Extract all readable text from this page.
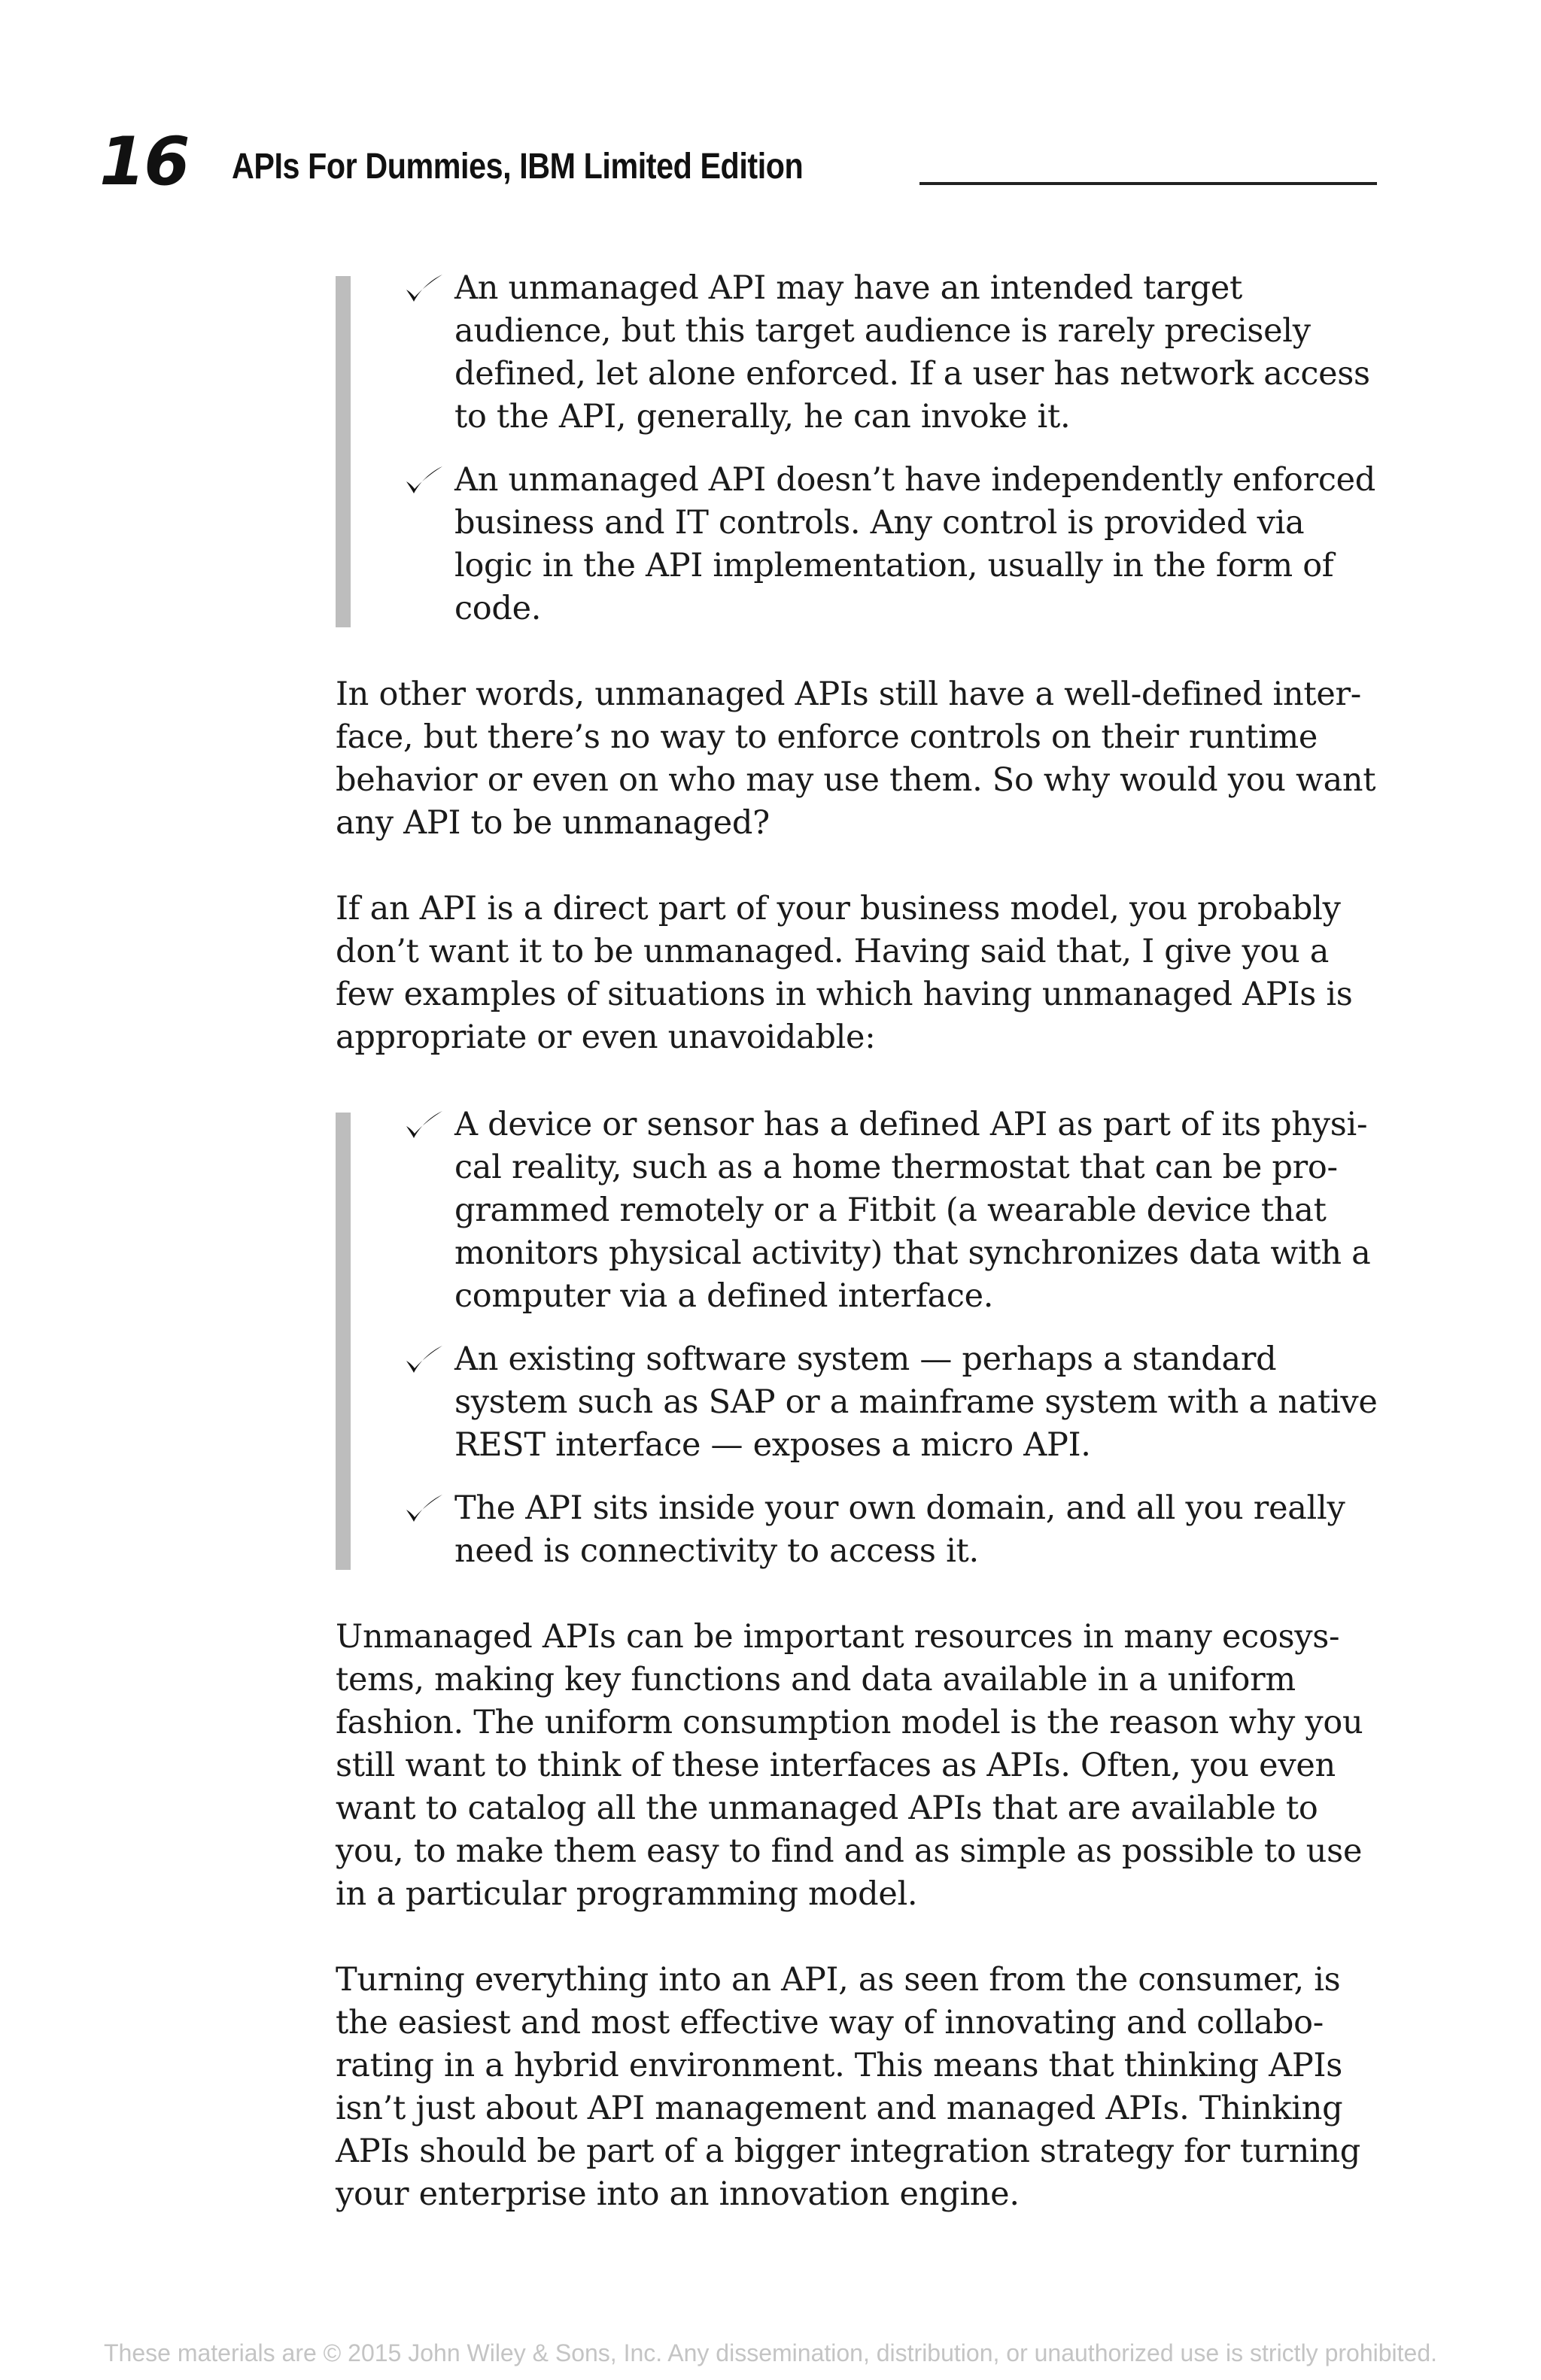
16 APIs For Dummies, IBM Limited Edition
An unmanaged API may have an intended target audience, but this target audience is rarely precisely defined, let alone enforced. If a user has network access to the API, generally, he can invoke it.
An unmanaged API doesn’t have independently enforced business and IT controls. Any control is provided via logic in the API implementation, usually in the form of code.

In other words, unmanaged APIs still have a well-defined interface, but there’s no way to enforce controls on their runtime behavior or even on who may use them. So why would you want any API to be unmanaged?

If an API is a direct part of your business model, you probably don’t want it to be unmanaged. Having said that, I give you a few examples of situations in which having unmanaged APIs is appropriate or even unavoidable:

A device or sensor has a defined API as part of its physical reality, such as a home thermostat that can be programmed remotely or a Fitbit (a wearable device that monitors physical activity) that synchronizes data with a computer via a defined interface.
An existing software system — perhaps a standard system such as SAP or a mainframe system with a native REST interface — exposes a micro API.
The API sits inside your own domain, and all you really need is connectivity to access it.

Unmanaged APIs can be important resources in many ecosystems, making key functions and data available in a uniform fashion. The uniform consumption model is the reason why you still want to think of these interfaces as APIs. Often, you even want to catalog all the unmanaged APIs that are available to you, to make them easy to find and as simple as possible to use in a particular programming model.

Turning everything into an API, as seen from the consumer, is the easiest and most effective way of innovating and collaborating in a hybrid environment. This means that thinking APIs isn’t just about API management and managed APIs. Thinking APIs should be part of a bigger integration strategy for turning your enterprise into an innovation engine.

These materials are © 2015 John Wiley & Sons, Inc. Any dissemination, distribution, or unauthorized use is strictly prohibited.
